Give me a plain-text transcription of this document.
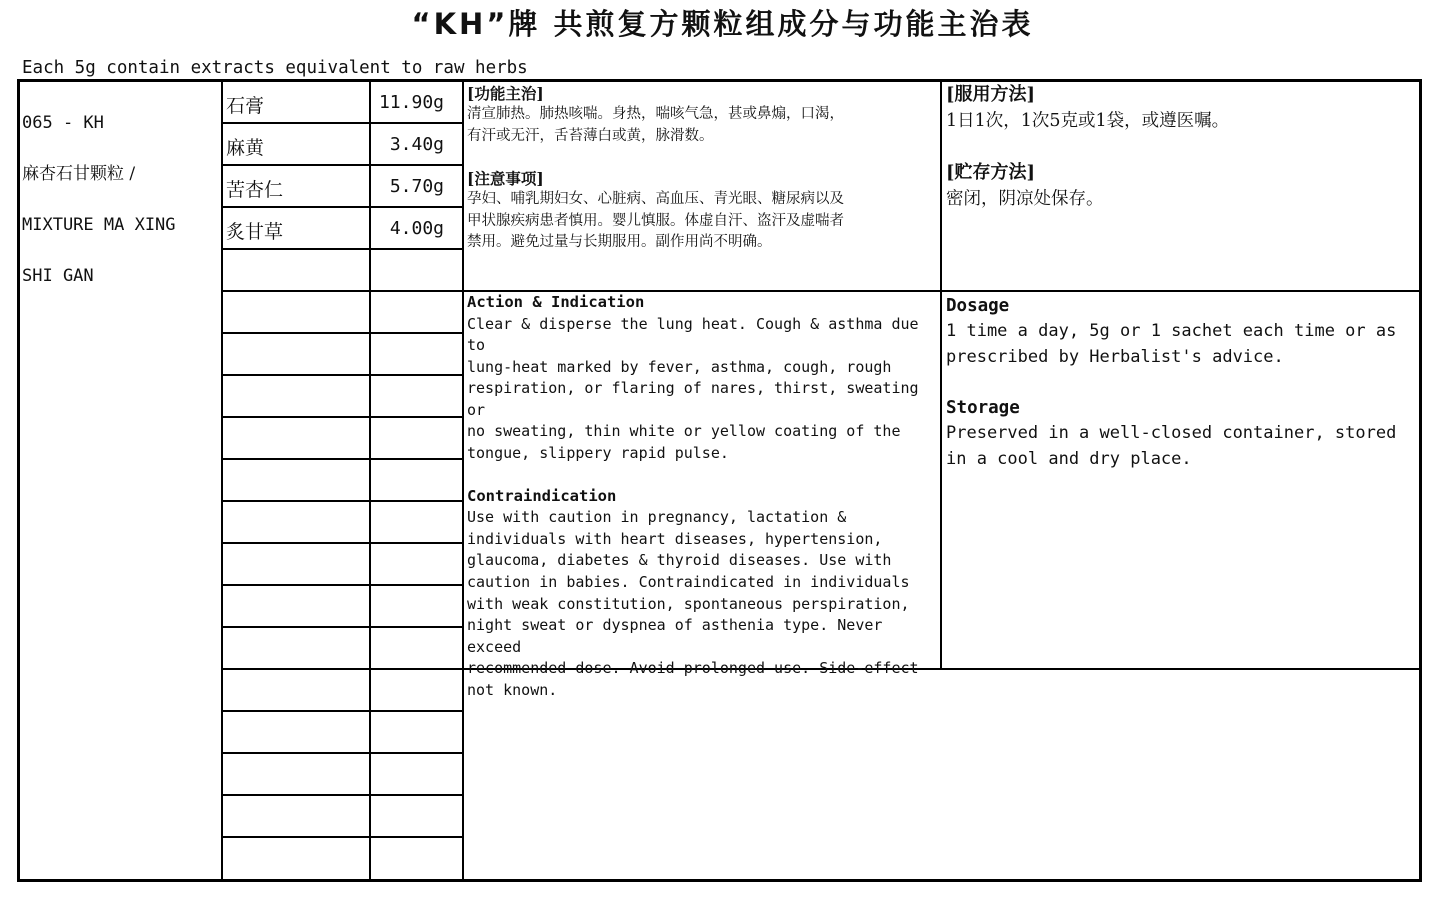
“KH”牌 共煎复方颗粒组成分与功能主治表
Each 5g contain extracts equivalent to raw herbs

065 - KH

麻杏石甘颗粒 /

MIXTURE MA XING

SHI GAN

石膏	11.90g
麻黄	3.40g
苦杏仁	5.70g
炙甘草	4.00g
[功能主治]
清宣肺热。肺热咳喘。身热，喘咳气急，甚或鼻煽，口渴，
有汗或无汗，舌苔薄白或黄，脉滑数。
[注意事项]
孕妇、哺乳期妇女、心脏病、高血压、青光眼、糖尿病以及
甲状腺疾病患者慎用。婴儿慎服。体虚自汗、盗汗及虚喘者
禁用。避免过量与长期服用。副作用尚不明确。
[服用方法]
1日1次，1次5克或1袋，或遵医嘱。
[贮存方法]
密闭，阴凉处保存。
Action & Indication
Clear & disperse the lung heat. Cough & asthma due to
lung-heat marked by fever, asthma, cough, rough
respiration, or flaring of nares, thirst, sweating or
no sweating, thin white or yellow coating of the
tongue, slippery rapid pulse.
Contraindication
Use with caution in pregnancy, lactation &
individuals with heart diseases, hypertension,
glaucoma, diabetes & thyroid diseases. Use with
caution in babies. Contraindicated in individuals
with weak constitution, spontaneous perspiration,
night sweat or dyspnea of asthenia type. Never exceed
recommended dose. Avoid prolonged use. Side-effect
not known.
Dosage
1 time a day, 5g or 1 sachet each time or as
prescribed by Herbalist's advice.
Storage
Preserved in a well-closed container, stored
in a cool and dry place.
